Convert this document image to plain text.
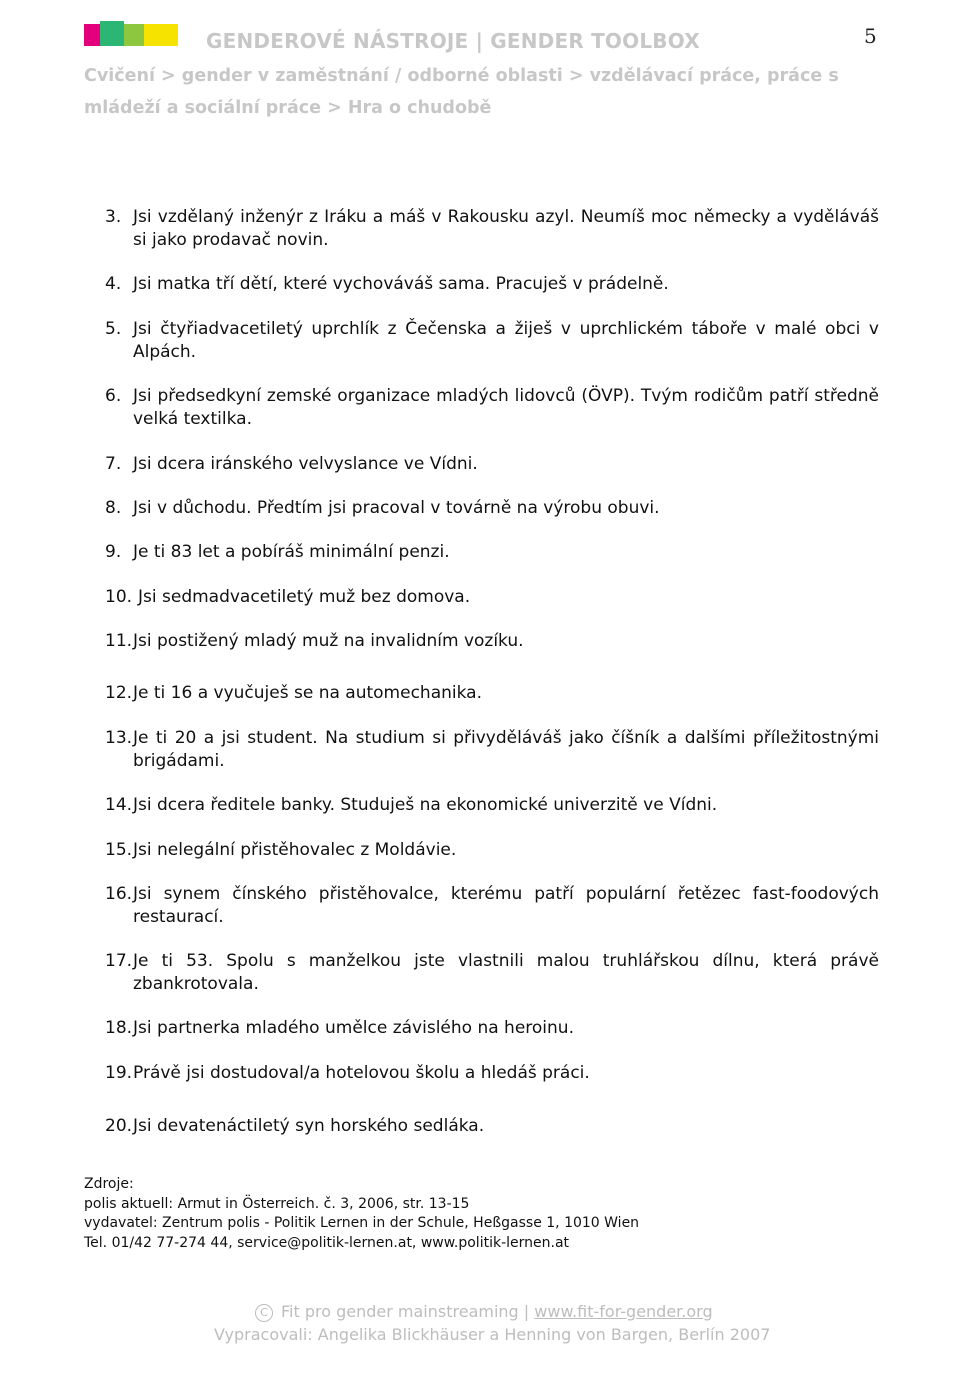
GENDEROVÉ NÁSTROJE | GENDER TOOLBOX	5
Cvičení > gender v zaměstnání / odborné oblasti > vzdělávací práce, práce s mládeží a sociální práce > Hra o chudobě
3. Jsi vzdělaný inženýr z Iráku a máš v Rakousku azyl. Neumíš moc německy a vyděláváš si jako prodavač novin.
4. Jsi matka tří dětí, které vychováváš sama. Pracuješ v prádelně.
5. Jsi čtyřiadvacetiletý uprchlík z Čečenska a žiješ v uprchlickém táboře v malé obci v Alpách.
6. Jsi předsedkyní zemské organizace mladých lidovců (ÖVP). Tvým rodičům patří středně velká textilka.
7. Jsi dcera iránského velvyslance ve Vídni.
8. Jsi v důchodu. Předtím jsi pracoval v továrně na výrobu obuvi.
9. Je ti 83 let a pobíráš minimální penzi.
10. Jsi sedmadvacetiletý muž bez domova.
11. Jsi postižený mladý muž na invalidním vozíku.
12. Je ti 16 a vyučuješ se na automechanika.
13. Je ti 20 a jsi student. Na studium si přivyděláváš jako číšník a dalšími příležitostnými brigádami.
14. Jsi dcera ředitele banky. Studuješ na ekonomické univerzitě ve Vídni.
15. Jsi nelegální přistěhovalec z Moldávie.
16. Jsi synem čínského přistěhovalce, kterému patří populární řetězec fast-foodových restaurací.
17. Je ti 53. Spolu s manželkou jste vlastnili malou truhlářskou dílnu, která právě zbankrotovala.
18. Jsi partnerka mladého umělce závislého na heroinu.
19. Právě jsi dostudoval/a hotelovou školu a hledáš práci.
20. Jsi devatenáctiletý syn horského sedláka.
Zdroje:
polis aktuell: Armut in Österreich. č. 3, 2006, str. 13-15
vydavatel: Zentrum polis - Politik Lernen in der Schule, Heßgasse 1, 1010 Wien
Tel. 01/42 77-274 44, service@politik-lernen.at, www.politik-lernen.at
C Fit pro gender mainstreaming | www.fit-for-gender.org
Vypracovali: Angelika Blickhäuser a Henning von Bargen, Berlín 2007
